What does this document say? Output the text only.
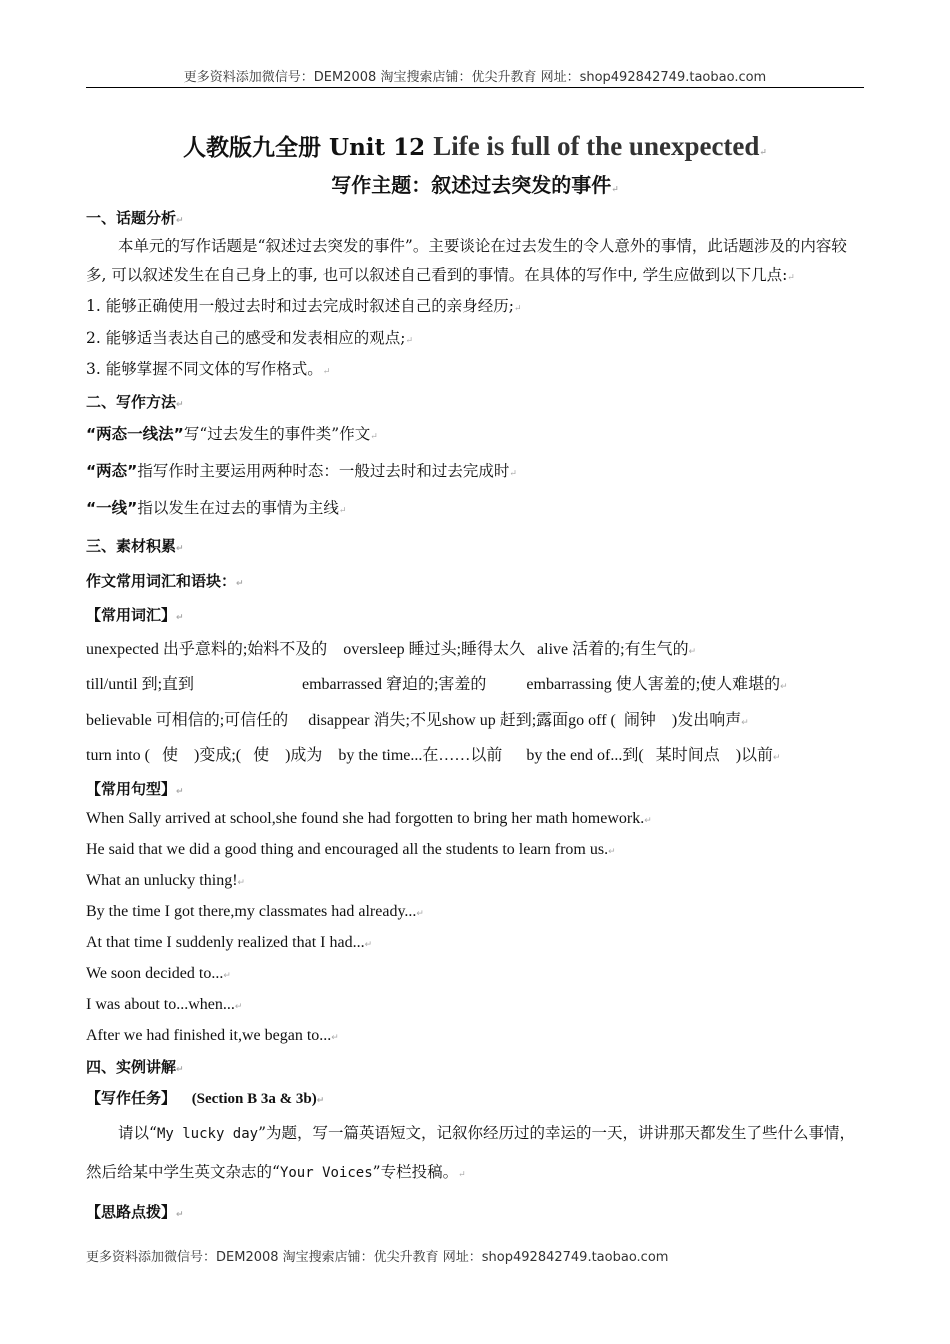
更多资料添加微信号：DEM2008 淘宝搜索店铺：优尖升教育 网址：shop492842749.taobao.com
人教版九全册 Unit 12 Life is full of the unexpected↵
写作主题：叙述过去突发的事件↵
一、话题分析↵

本单元的写作话题是“叙述过去突发的事件”。主要谈论在过去发生的令人意外的事情，此话题涉及的内容较多, 可以叙述发生在自己身上的事, 也可以叙述自己看到的事情。在具体的写作中, 学生应做到以下几点:↵

1. 能够正确使用一般过去时和过去完成时叙述自己的亲身经历;↵

2. 能够适当表达自己的感受和发表相应的观点;↵

3. 能够掌握不同文体的写作格式。↵

二、写作方法↵

“两态一线法”写“过去发生的事件类”作文↵

“两态”指写作时主要运用两种时态：一般过去时和过去完成时↵

“一线”指以发生在过去的事情为主线↵

三、素材积累↵
作文常用词汇和语块：↵
【常用词汇】↵

unexpected 出乎意料的;始料不及的    oversleep 睡过头;睡得太久   alive 活着的;有生气的↵

till/until 到;直到                           embarrassed 窘迫的;害羞的          embarrassing 使人害羞的;使人难堪的↵

believable 可相信的;可信任的     disappear 消失;不见show up 赶到;露面go off (  闹钟    )发出响声↵

turn into (   使    )变成;(   使    )成为    by the time...在……以前      by the end of...到(   某时间点    )以前↵

【常用句型】↵

When Sally arrived at school,she found she had forgotten to bring her math homework.↵

He said that we did a good thing and encouraged all the students to learn from us.↵

What an unlucky thing!↵

By the time I got there,my classmates had already...↵

At that time I suddenly realized that I had...↵

We soon decided to...↵

I was about to...when...↵

After we had finished it,we began to...↵

四、实例讲解↵
【写作任务】 (Section B 3a & 3b)↵

请以“My lucky day”为题，写一篇英语短文，记叙你经历过的幸运的一天，讲讲那天都发生了些什么事情，然后给某中学生英文杂志的“Your Voices”专栏投稿。↵

【思路点拨】↵
更多资料添加微信号：DEM2008 淘宝搜索店铺：优尖升教育 网址：shop492842749.taobao.com
